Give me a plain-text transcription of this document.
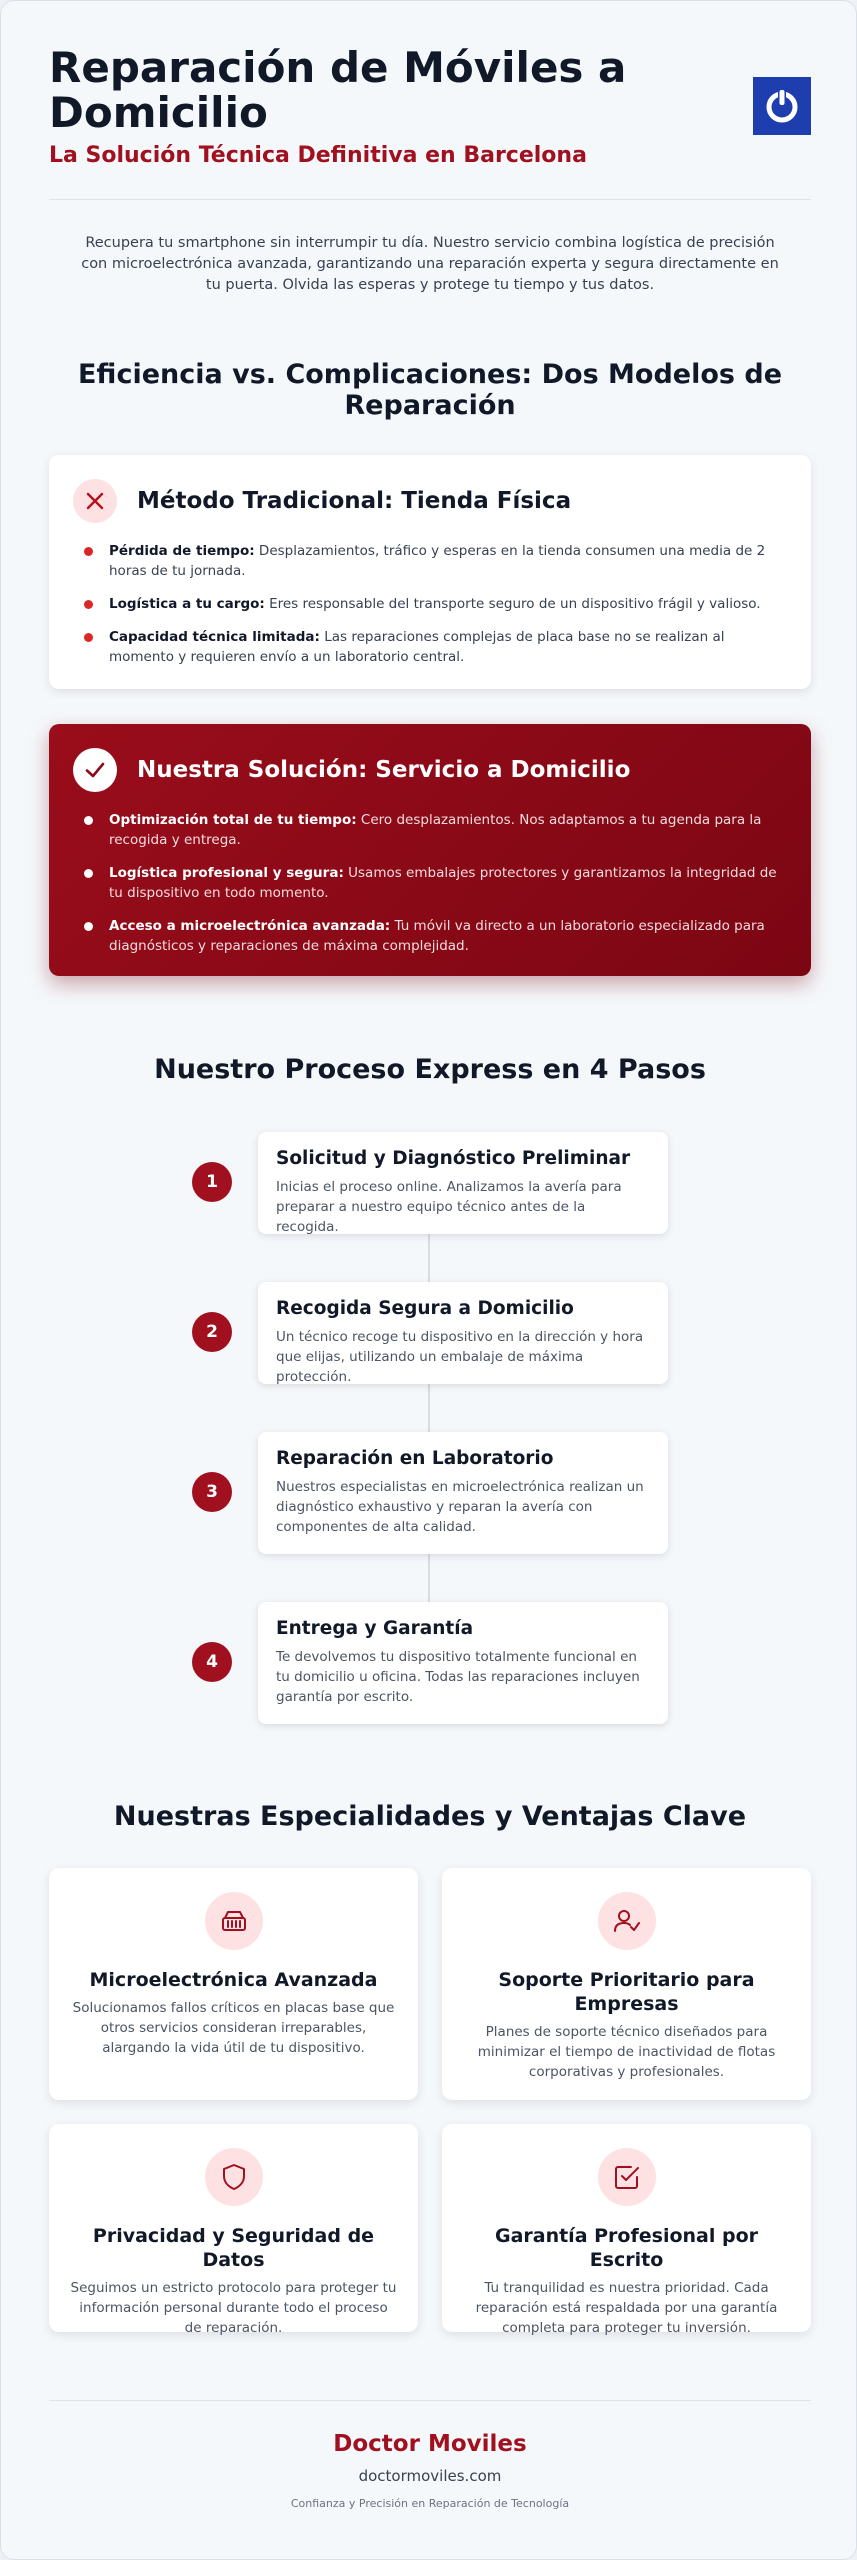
Reparación de Móviles a Domicilio
La Solución Técnica Definitiva en Barcelona

Recupera tu smartphone sin interrumpir tu día. Nuestro servicio combina logística de precisión con microelectrónica avanzada, garantizando una reparación experta y segura directamente en tu puerta. Olvida las esperas y protege tu tiempo y tus datos.

Eficiencia vs. Complicaciones: Dos Modelos de Reparación
Método Tradicional: Tienda Física
Pérdida de tiempo: Desplazamientos, tráfico y esperas en la tienda consumen una media de 2 horas de tu jornada.
Logística a tu cargo: Eres responsable del transporte seguro de un dispositivo frágil y valioso.
Capacidad técnica limitada: Las reparaciones complejas de placa base no se realizan al momento y requieren envío a un laboratorio central.
Nuestra Solución: Servicio a Domicilio
Optimización total de tu tiempo: Cero desplazamientos. Nos adaptamos a tu agenda para la recogida y entrega.
Logística profesional y segura: Usamos embalajes protectores y garantizamos la integridad de tu dispositivo en todo momento.
Acceso a microelectrónica avanzada: Tu móvil va directo a un laboratorio especializado para diagnósticos y reparaciones de máxima complejidad.
Nuestro Proceso Express en 4 Pasos
1
Solicitud y Diagnóstico Preliminar
Inicias el proceso online. Analizamos la avería para preparar a nuestro equipo técnico antes de la recogida.
2
Recogida Segura a Domicilio
Un técnico recoge tu dispositivo en la dirección y hora que elijas, utilizando un embalaje de máxima protección.
3
Reparación en Laboratorio
Nuestros especialistas en microelectrónica realizan un diagnóstico exhaustivo y reparan la avería con componentes de alta calidad.
4
Entrega y Garantía
Te devolvemos tu dispositivo totalmente funcional en tu domicilio u oficina. Todas las reparaciones incluyen garantía por escrito.
Nuestras Especialidades y Ventajas Clave
Microelectrónica Avanzada
Solucionamos fallos críticos en placas base que otros servicios consideran irreparables, alargando la vida útil de tu dispositivo.
Soporte Prioritario para Empresas
Planes de soporte técnico diseñados para minimizar el tiempo de inactividad de flotas corporativas y profesionales.
Privacidad y Seguridad de Datos
Seguimos un estricto protocolo para proteger tu información personal durante todo el proceso de reparación.
Garantía Profesional por Escrito
Tu tranquilidad es nuestra prioridad. Cada reparación está respaldada por una garantía completa para proteger tu inversión.
Doctor Moviles
doctormoviles.com
Confianza y Precisión en Reparación de Tecnología
